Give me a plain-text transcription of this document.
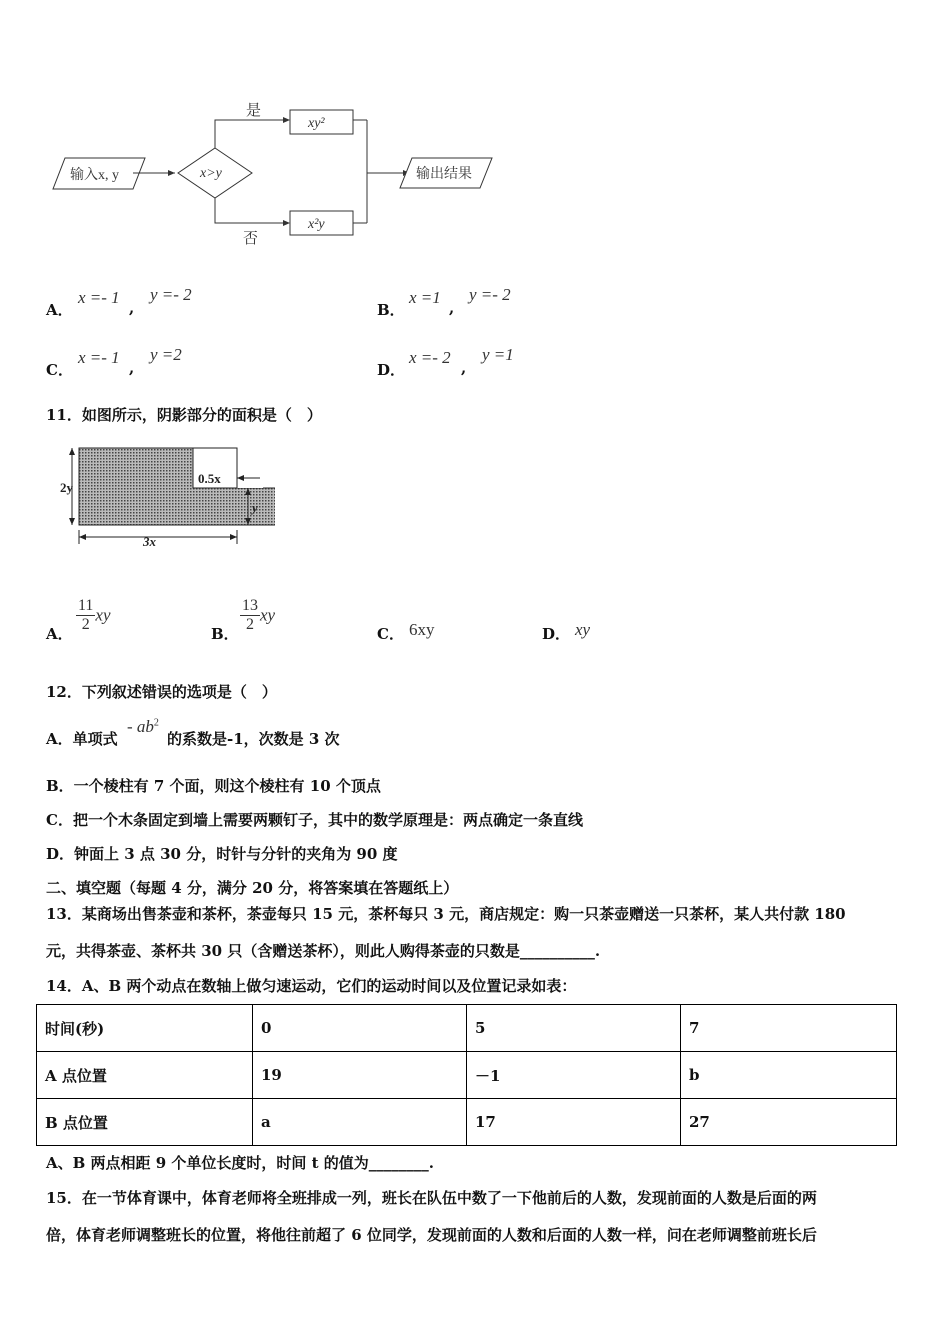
输入x, y	x>y
是
xy²
否
x²y
输出结果
A．
x =- 1
,
y =- 2
B．
x =1
,
y =- 2
C．
x =- 1
,
y =2
D．
x =- 2
,
y =1
11．如图所示，阴影部分的面积是（　）
2y
y
0.5x
3x
A． $\frac{11}{2}$ xy
B． $\frac{13}{2}$ xy
C． 6xy	D． xy
12．下列叙述错误的选项是（　）
A．单项式
- $ab^2$
的系数是-1，次数是 3 次
B．一个棱柱有 7 个面，则这个棱柱有 10 个顶点
C．把一个木条固定到墙上需要两颗钉子，其中的数学原理是：两点确定一条直线
D．钟面上 3 点 30 分，时针与分针的夹角为 90 度
二、填空题（每题 4 分，满分 20 分，将答案填在答题纸上）
13．某商场出售茶壶和茶杯，茶壶每只 15 元，茶杯每只 3 元，商店规定：购一只茶壶赠送一只茶杯，某人共付款 180
元，共得茶壶、茶杯共 30 只（含赠送茶杯），则此人购得茶壶的只数是__________.
14．A、B 两个动点在数轴上做匀速运动，它们的运动时间以及位置记录如表：
时间(秒)	0	5	7
A 点位置	19	－1	b
B 点位置	a	17	27
A、B 两点相距 9 个单位长度时，时间 t 的值为________.
15．在一节体育课中，体育老师将全班排成一列，班长在队伍中数了一下他前后的人数，发现前面的人数是后面的两
倍，体育老师调整班长的位置，将他往前超了 6 位同学，发现前面的人数和后面的人数一样，问在老师调整前班长后
